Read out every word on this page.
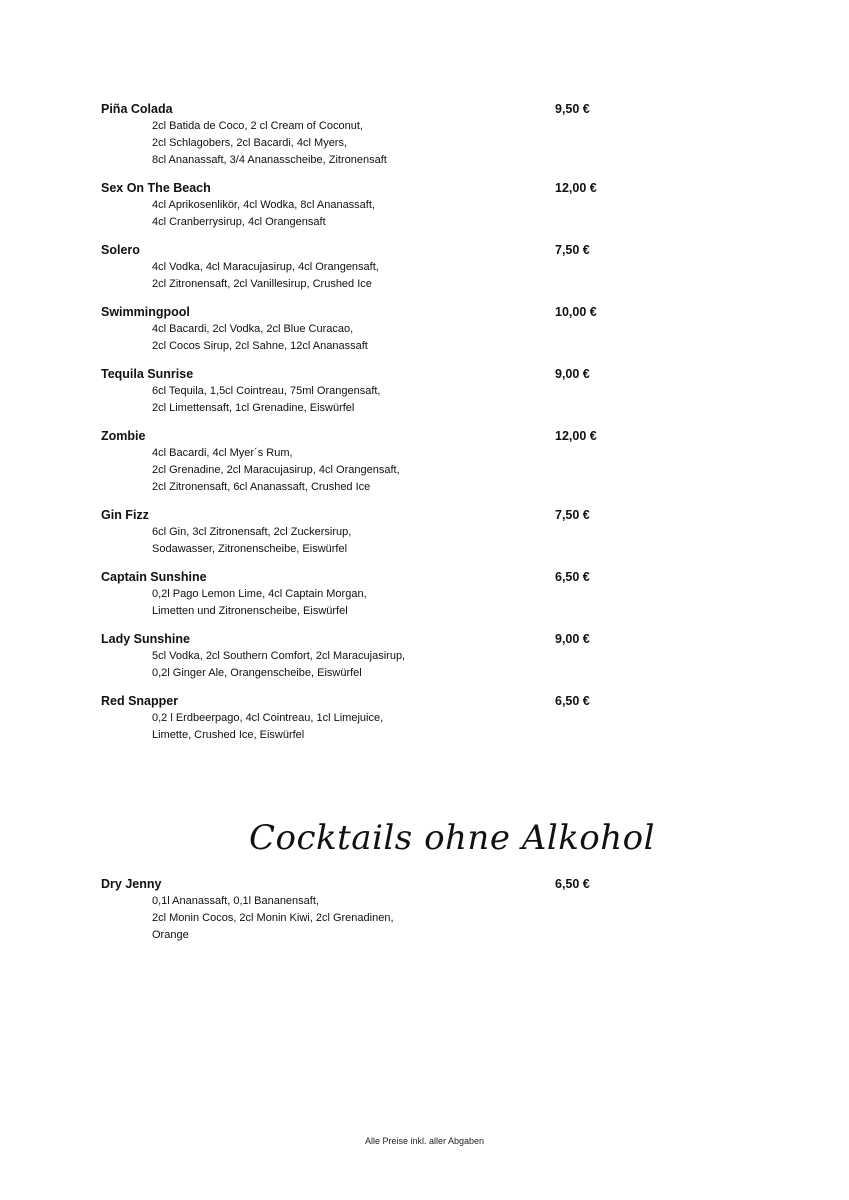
Piña Colada	9,50 €
2cl Batida de Coco, 2 cl Cream of Coconut,
2cl Schlagobers, 2cl Bacardi, 4cl Myers,
8cl Ananassaft, 3/4 Ananasscheibe, Zitronensaft
Sex On The Beach	12,00 €
4cl Aprikosenlikör, 4cl Wodka, 8cl Ananassaft,
4cl Cranberrysirup, 4cl Orangensaft
Solero	7,50 €
4cl Vodka, 4cl Maracujasirup, 4cl Orangensaft,
2cl Zitronensaft, 2cl Vanillesirup, Crushed Ice
Swimmingpool	10,00 €
4cl Bacardi, 2cl Vodka, 2cl Blue Curacao,
2cl Cocos Sirup, 2cl Sahne, 12cl Ananassaft
Tequila Sunrise	9,00 €
6cl Tequila, 1,5cl Cointreau, 75ml Orangensaft,
2cl Limettensaft, 1cl Grenadine, Eiswürfel
Zombie	12,00 €
4cl Bacardi, 4cl Myer´s Rum,
2cl Grenadine, 2cl Maracujasirup, 4cl Orangensaft,
2cl Zitronensaft, 6cl Ananassaft, Crushed Ice
Gin Fizz	7,50 €
6cl Gin, 3cl Zitronensaft, 2cl Zuckersirup,
Sodawasser, Zitronenscheibe, Eiswürfel
Captain Sunshine	6,50 €
0,2l Pago Lemon Lime, 4cl Captain Morgan,
Limetten und Zitronenscheibe, Eiswürfel
Lady Sunshine	9,00 €
5cl Vodka, 2cl Southern Comfort, 2cl Maracujasirup,
0,2l Ginger Ale, Orangenscheibe, Eiswürfel
Red Snapper	6,50 €
0,2 l Erdbeerpago, 4cl Cointreau, 1cl Limejuice,
Limette, Crushed Ice, Eiswürfel
Cocktails ohne Alkohol
Dry Jenny	6,50 €
0,1l Ananassaft, 0,1l Bananensaft,
2cl Monin Cocos, 2cl Monin Kiwi, 2cl Grenadinen,
Orange
Alle Preise inkl. aller Abgaben
